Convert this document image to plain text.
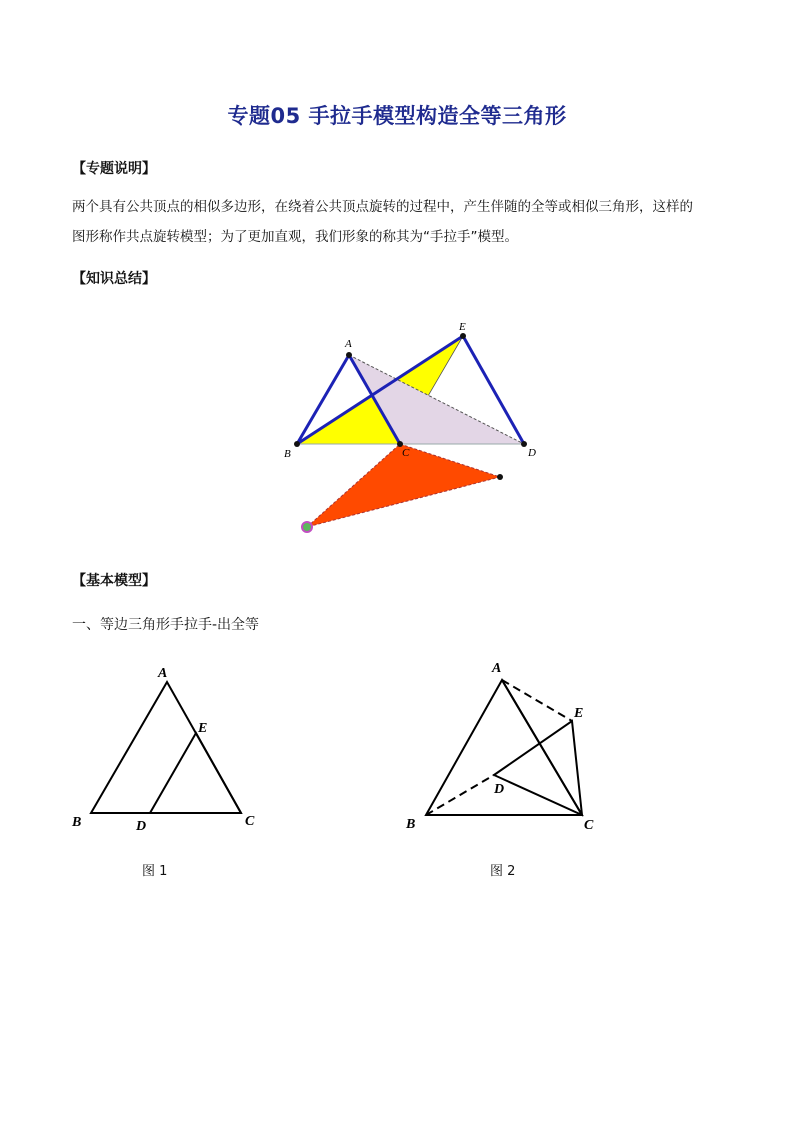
专题05 手拉手模型构造全等三角形
【专题说明】
两个具有公共顶点的相似多边形，在绕着公共顶点旋转的过程中，产生伴随的全等或相似三角形，这样的
图形称作共点旋转模型；为了更加直观，我们形象的称其为“手拉手”模型。
【知识总结】
A
E
B	C	D
【基本模型】
一、等边三角形手拉手-出全等
A
E
B	D	C
图 1
A
E
D
B	C
图 2
